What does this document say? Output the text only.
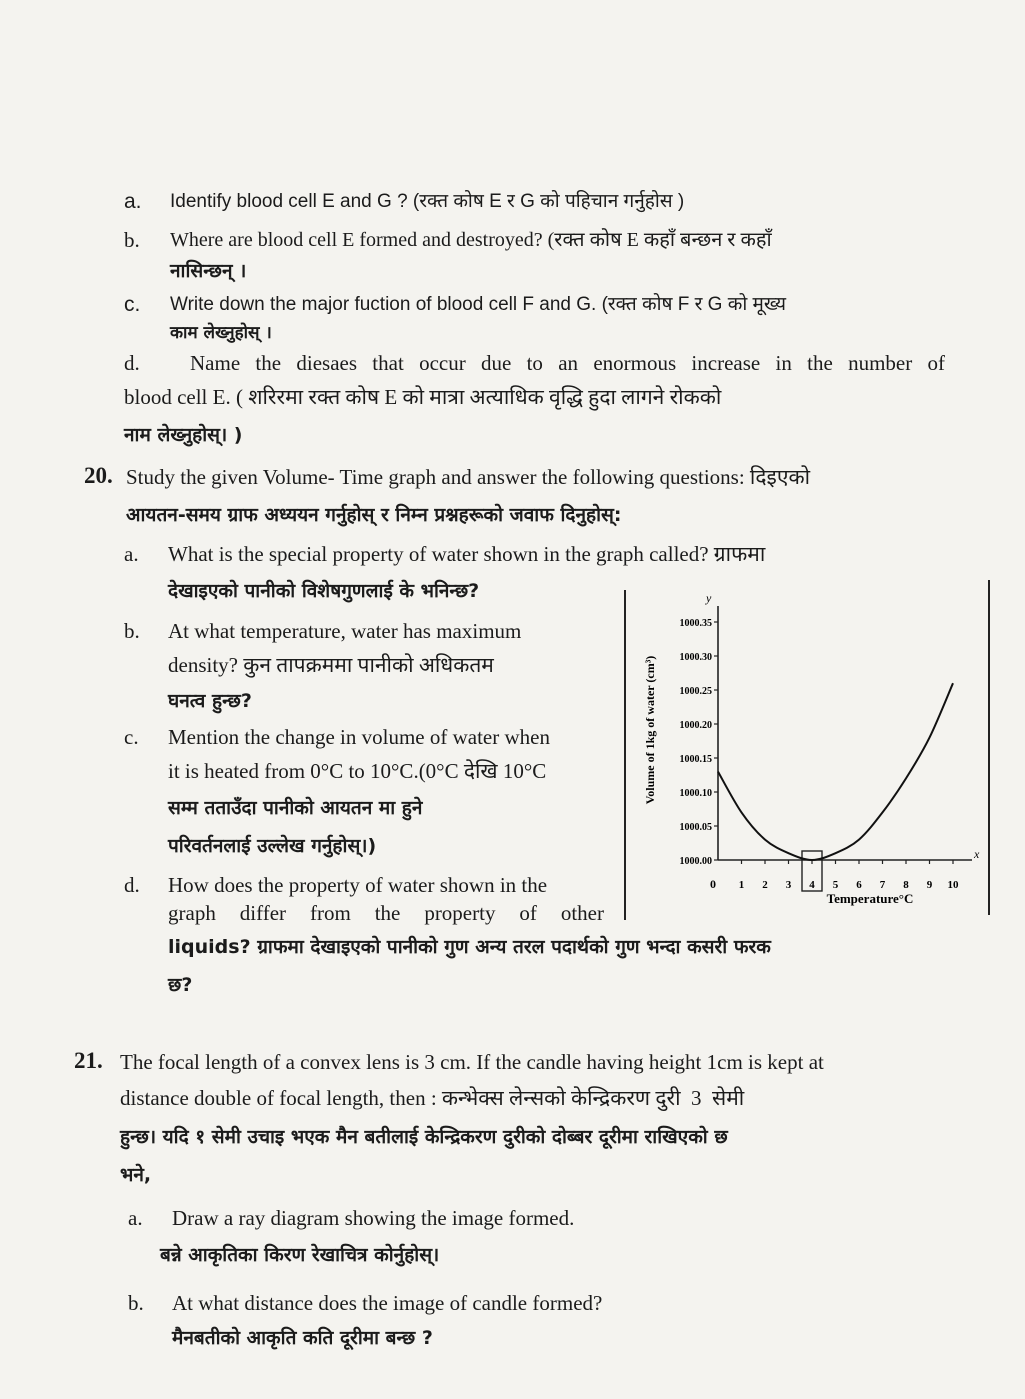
a. Identify blood cell E and G ? (रक्त कोष E र G को पहिचान गर्नुहोस )
b. Where are blood cell E formed and destroyed? (रक्त कोष E कहाँ बन्छन र कहाँ
नासिन्छन् ।
c. Write down the major fuction of blood cell F and G. (रक्त कोष F र G को मूख्य
काम लेख्नुहोस् ।
d. Name the diesaes that occur due to an enormous increase in the number of
blood cell E. ( शरिरमा रक्त कोष E को मात्रा अत्याधिक वृद्धि हुदा लागने रोकको
नाम लेख्नुहोस्। )
20. Study the given Volume- Time graph and answer the following questions: दिइएको
आयतन-समय ग्राफ अध्ययन गर्नुहोस् र निम्न प्रश्नहरूको जवाफ दिनुहोस्:
a. What is the special property of water shown in the graph called? ग्राफमा
देखाइएको पानीको विशेषगुणलाई के भनिन्छ?
b. At what temperature, water has maximum
density? कुन तापक्रममा पानीको अधिकतम
घनत्व हुन्छ?
c. Mention the change in volume of water when
it is heated from 0°C to 10°C.(0°C देखि 10°C
सम्म तताउँदा पानीको आयतन मा हुने
परिवर्तनलाई उल्लेख गर्नुहोस्।)
d. How does the property of water shown in the
graph  differ  from  the  property  of  other
liquids? ग्राफमा देखाइएको पानीको गुण अन्य तरल पदार्थको गुण भन्दा कसरी फरक
छ?
x
y
0
1000.00
1000.05
1000.10
1000.15
1000.20
1000.25
1000.30
1000.35
1 2 3 4 5 6 7 8 9 10
Temperature°C
Volume of 1kg of water (cm³)
21. The focal length of a convex lens is 3 cm. If the candle having height 1cm is kept at
distance double of focal length, then : कन्भेक्स लेन्सको केन्द्रिकरण दुरी  3  सेमी
हुन्छ। यदि १ सेमी उचाइ भएक मैन बतीलाई केन्द्रिकरण दुरीको दोब्बर दूरीमा राखिएको छ
भने,
a. Draw a ray diagram showing the image formed.
बन्ने आकृतिका किरण रेखाचित्र कोर्नुहोस्।
b. At what distance does the image of candle formed?
मैनबतीको आकृति कति दूरीमा बन्छ ?
